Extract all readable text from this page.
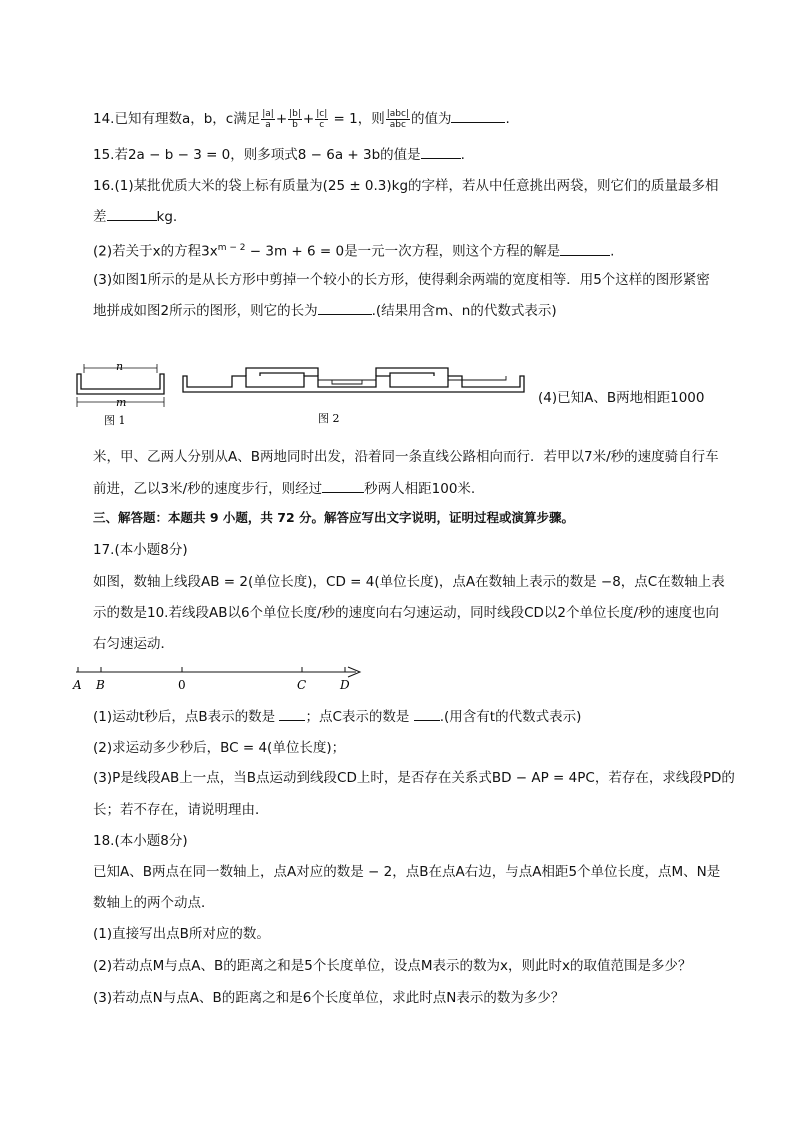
14.已知有理数a，b，c满足 $\frac{|a|}{a} + \frac{|b|}{b} + \frac{|c|}{c} = 1$，则 $\frac{\text{|abc|}}{\text{abc}}$ 的值为	.
15.若2a − b − 3 = 0，则多项式8 − 6a + 3b的值是	.
16.(1)某批优质大米的袋上标有质量为(25 ± 0.3)kg的字样，若从中任意挑出两袋，则它们的质量最多相
差	kg.
(2)若关于x的方程$3x^{m - 2} - 3m + 6 = 0$是一元一次方程，则这个方程的解是	.
(3)如图1所示的是从长方形中剪掉一个较小的长方形，使得剩余两端的宽度相等．用5个这样的图形紧密
地拼成如图2所示的图形，则它的长为	.(结果用含m、n的代数式表示)
n
m
图 1	图 2
(4)已知A、B两地相距1000
米，甲、乙两人分别从A、B两地同时出发，沿着同一条直线公路相向而行．若甲以7米/秒的速度骑自行车
前进，乙以3米/秒的速度步行，则经过	秒两人相距100米.
三、解答题：本题共 9 小题，共 72 分。解答应写出文字说明，证明过程或演算步骤。
17.(本小题8分)
如图，数轴上线段AB = 2(单位长度)，CD = 4(单位长度)，点A在数轴上表示的数是 −8，点C在数轴上表
示的数是10.若线段AB以6个单位长度/秒的速度向右匀速运动，同时线段CD以2个单位长度/秒的速度也向
右匀速运动．
A B	0	C	D
(1)运动t秒后，点B表示的数是 ；点C表示的数是 .(用含有t的代数式表示)
(2)求运动多少秒后，BC = 4(单位长度)；
(3)P是线段AB上一点，当B点运动到线段CD上时，是否存在关系式BD − AP = 4PC，若存在，求线段PD的
长；若不存在，请说明理由．
18.(本小题8分)
已知A、B两点在同一数轴上，点A对应的数是 − 2，点B在点A右边，与点A相距5个单位长度，点M、N是
数轴上的两个动点．
(1)直接写出点B所对应的数。
(2)若动点M与点A、B的距离之和是5个长度单位，设点M表示的数为x，则此时x的取值范围是多少？
(3)若动点N与点A、B的距离之和是6个长度单位，求此时点N表示的数为多少？
